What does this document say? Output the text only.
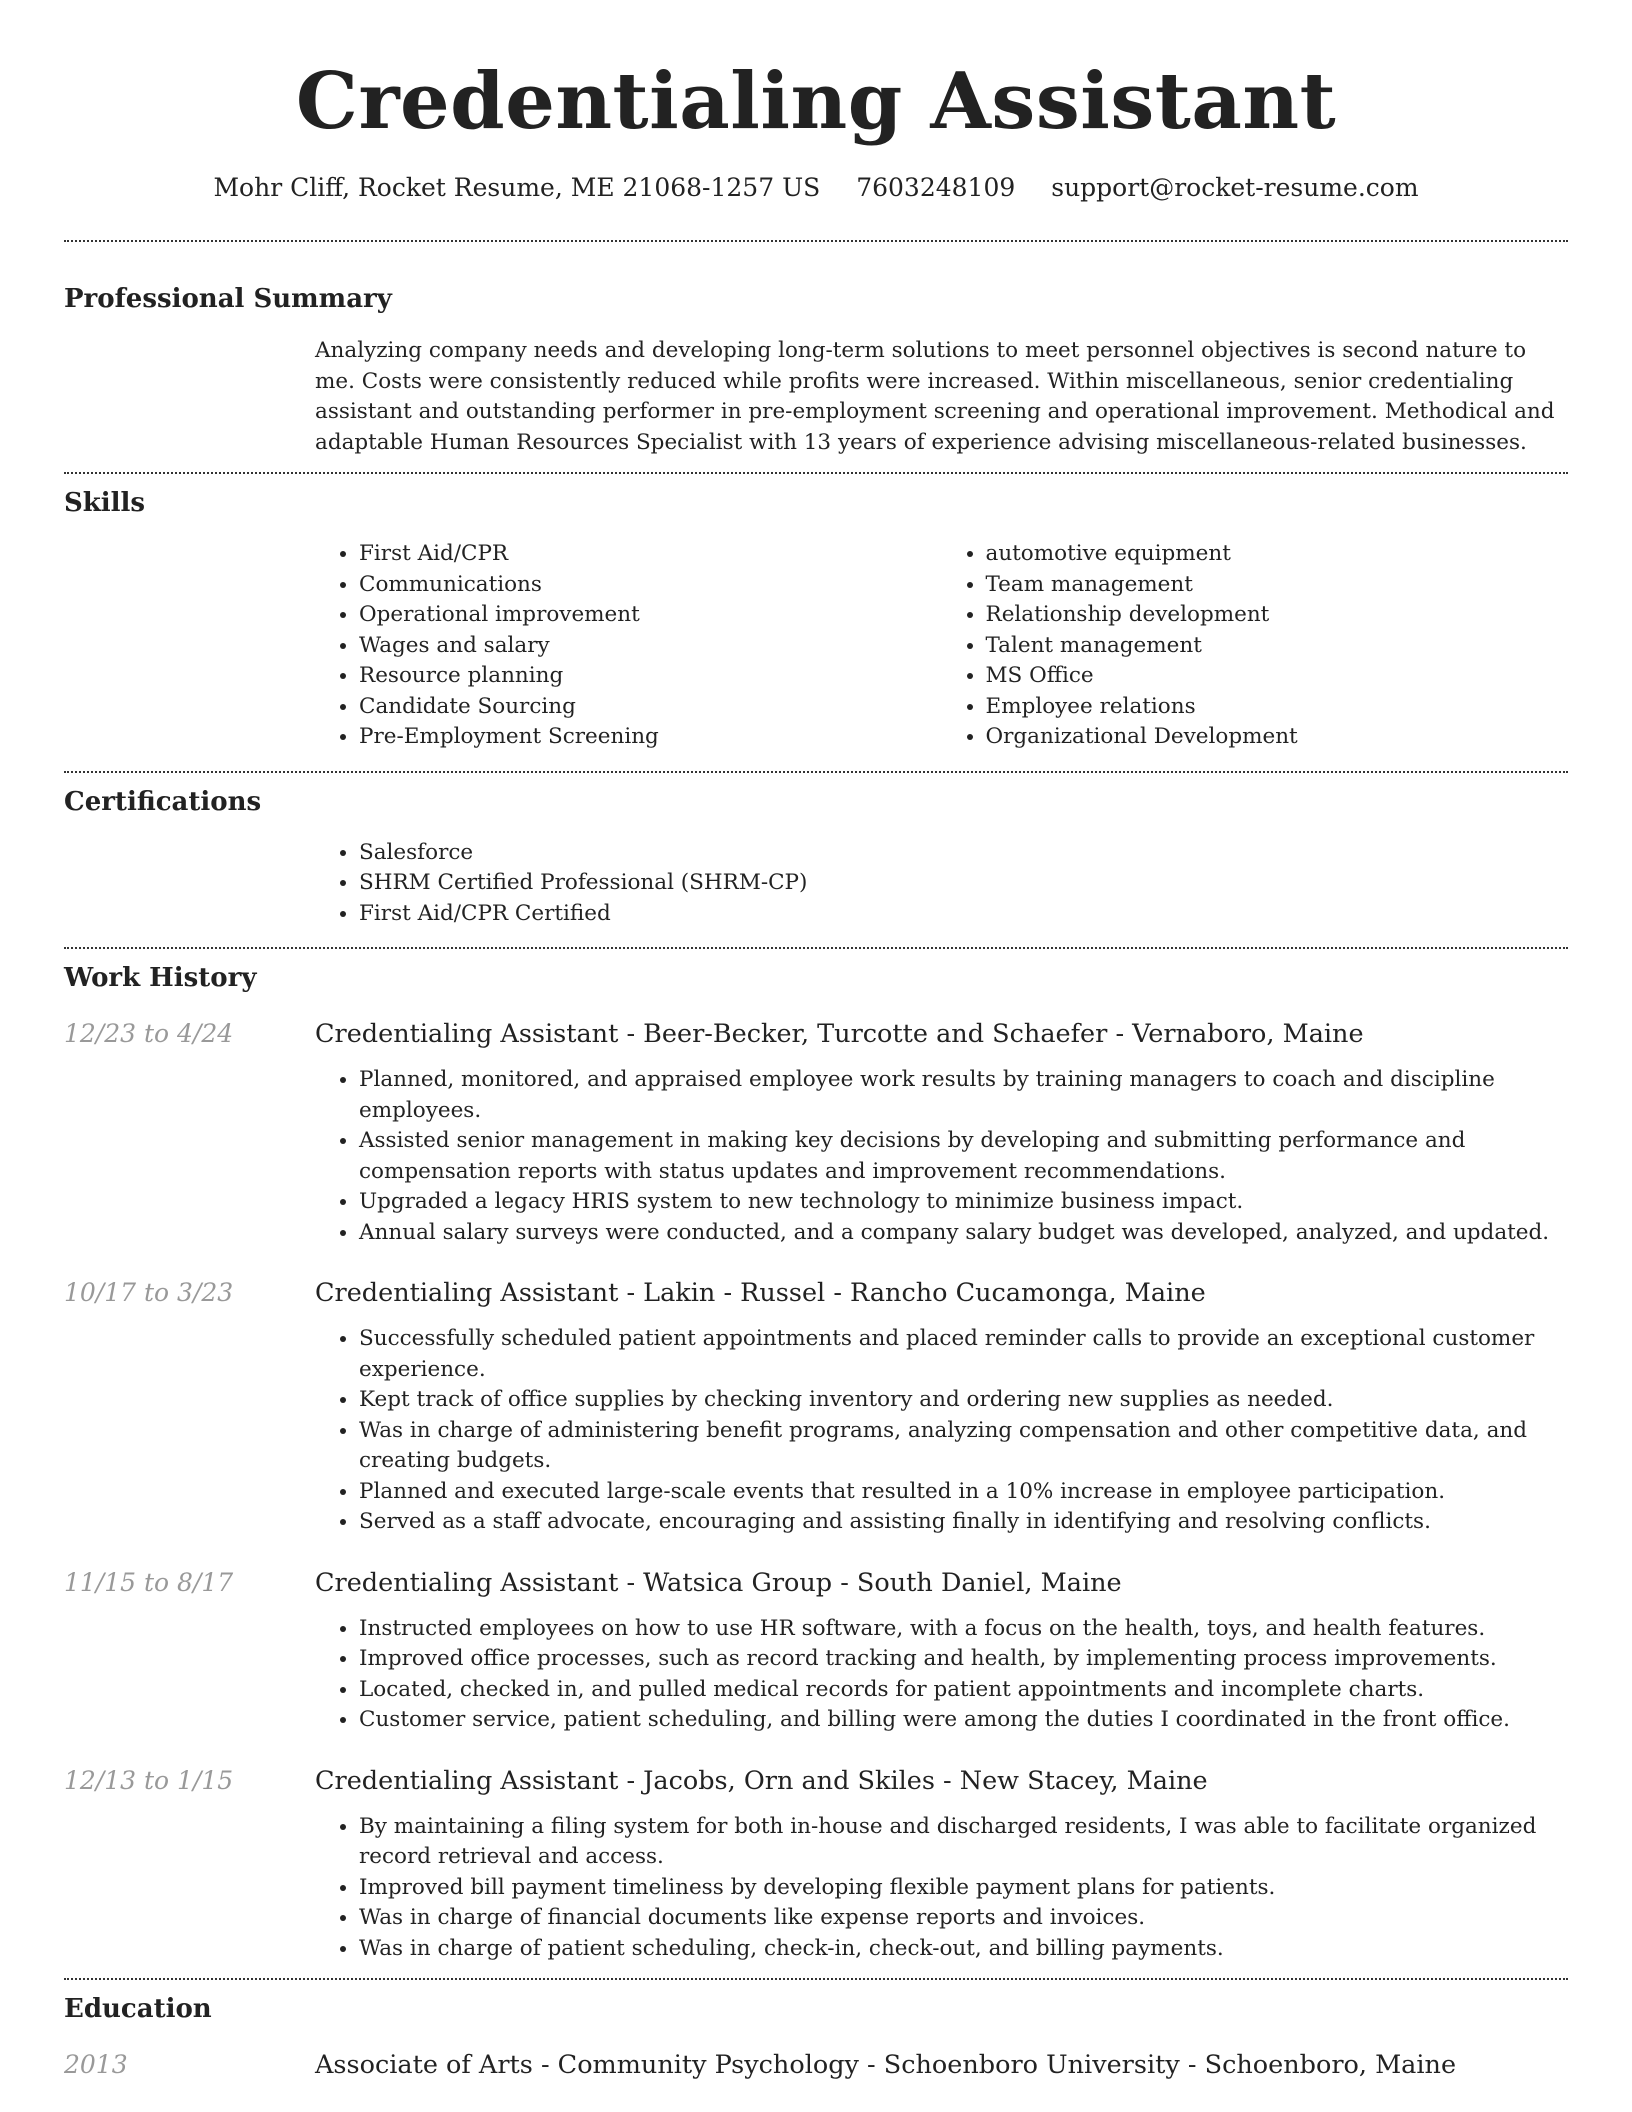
Credentialing Assistant
Mohr Cliff, Rocket Resume, ME 21068-1257 US 7603248109 support@rocket-resume.com
Professional Summary

Analyzing company needs and developing long-term solutions to meet personnel objectives is second nature to me. Costs were consistently reduced while profits were increased. Within miscellaneous, senior credentialing assistant and outstanding performer in pre-employment screening and operational improvement. Methodical and adaptable Human Resources Specialist with 13 years of experience advising miscellaneous-related businesses.

Skills
• First Aid/CPR
• Communications
• Operational improvement
• Wages and salary
• Resource planning
• Candidate Sourcing
• Pre-Employment Screening
• automotive equipment
• Team management
• Relationship development
• Talent management
• MS Office
• Employee relations
• Organizational Development
Certifications
• Salesforce
• SHRM Certified Professional (SHRM-CP)
• First Aid/CPR Certified
Work History
12/23 to 4/24	Credentialing Assistant - Beer-Becker, Turcotte and Schaefer - Vernaboro, Maine
• Planned, monitored, and appraised employee work results by training managers to coach and discipline employees.
• Assisted senior management in making key decisions by developing and submitting performance and compensation reports with status updates and improvement recommendations.
• Upgraded a legacy HRIS system to new technology to minimize business impact.
• Annual salary surveys were conducted, and a company salary budget was developed, analyzed, and updated.
10/17 to 3/23	Credentialing Assistant - Lakin - Russel - Rancho Cucamonga, Maine
• Successfully scheduled patient appointments and placed reminder calls to provide an exceptional customer experience.
• Kept track of office supplies by checking inventory and ordering new supplies as needed.
• Was in charge of administering benefit programs, analyzing compensation and other competitive data, and creating budgets.
• Planned and executed large-scale events that resulted in a 10% increase in employee participation.
• Served as a staff advocate, encouraging and assisting finally in identifying and resolving conflicts.
11/15 to 8/17	Credentialing Assistant - Watsica Group - South Daniel, Maine
• Instructed employees on how to use HR software, with a focus on the health, toys, and health features.
• Improved office processes, such as record tracking and health, by implementing process improvements.
• Located, checked in, and pulled medical records for patient appointments and incomplete charts.
• Customer service, patient scheduling, and billing were among the duties I coordinated in the front office.
12/13 to 1/15	Credentialing Assistant - Jacobs, Orn and Skiles - New Stacey, Maine
• By maintaining a filing system for both in-house and discharged residents, I was able to facilitate organized record retrieval and access.
• Improved bill payment timeliness by developing flexible payment plans for patients.
• Was in charge of financial documents like expense reports and invoices.
• Was in charge of patient scheduling, check-in, check-out, and billing payments.
Education
2013	Associate of Arts - Community Psychology - Schoenboro University - Schoenboro, Maine
